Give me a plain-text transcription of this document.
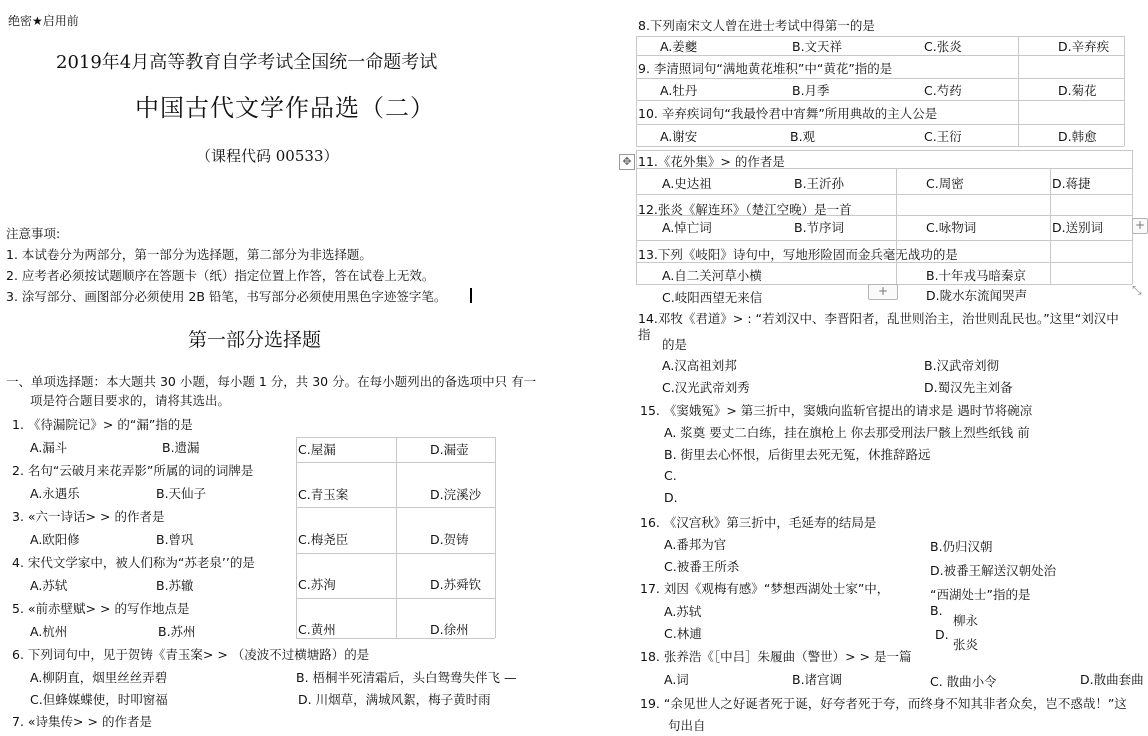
绝密★启用前
2019年4月高等教育自学考试全国统一命题考试
中国古代文学作品选（二）
（课程代码 00533）
注意事项:
1. 本试卷分为两部分，第一部分为选择题，第二部分为非选择题。
2. 应考者必须按试题顺序在答题卡（纸）指定位置上作答，答在试卷上无效。
3. 涂写部分、画图部分必须使用 2B 铅笔，书写部分必须使用黑色字迹签字笔。
第一部分选择题
一、单项选择题：本大题共 30 小题，每小题 1 分，共 30 分。在每小题列出的备选项中只 有一
项是符合题目要求的，请将其选出。
1. 《待漏院记》> 的“漏”指的是
A.漏斗	B.遗漏	C.屋漏	D.漏壶
2. 名句“云破月来花弄影”所属的词的词牌是
A.永遇乐	B.天仙子	C.青玉案	D.浣溪沙
3. «六一诗话> > 的作者是
A.欧阳修	B.曾巩	C.梅尧臣	D.贺铸
4. 宋代文学家中，被人们称为“苏老泉’’的是
A.苏轼	B.苏辙	C.苏洵	D.苏舜钦
5. «前赤壁赋> > 的写作地点是
A.杭州	B.苏州	C.黄州	D.徐州
6. 下列词句中，见于贺铸《青玉案> > （凌波不过横塘路）的是
A.柳阴直，烟里丝丝弄碧	B. 梧桐半死清霜后，头白鸳鸯失伴飞 —
C.但蜂媒蝶使，时叩窗福	D. 川烟草，满城风絮，梅子黄时雨
7. «诗集传> > 的作者是
8.下列南宋文人曾在进士考试中得第一的是
A.姜夔	B.文天祥	C.张炎	D.辛弃疾
9. 李清照词句“满地黄花堆积”中“黄花”指的是
A.牡丹	B.月季	C.芍药	D.菊花
10. 辛弃疾词句“我最怜君中宵舞”所用典故的主人公是
A.谢安	B.观	C.王衍	D.韩愈
✥ 11.《花外集》> 的作者是
A.史达祖	B.王沂孙	C.周密	D.蒋捷
12.张炎《解连环》（楚江空晚）是一首
A.悼亡词	B.节序词	C.咏物词	D.送别词
13.下列《岐阳》诗句中，写地形险固而金兵毫无战功的是
A.自二关河草小横	B.十年戎马暗秦京
C.岐阳西望无来信	D.陇水东流闻哭声
+
+
⤡
14.邓牧《君道》> : “若刘汉中、李晋阳者，乱世则治主，治世则乱民也。”这里“刘汉中
指
的是
A.汉高祖刘邦	B.汉武帝刘彻
C.汉光武帝刘秀	D.蜀汉先主刘备
15. 《窦娥冤》> 第三折中，窦娥向监斩官提出的请求是 遇时节将碗凉
A. 浆奠 要丈二白练，挂在旗枪上 你去那受刑法尸骸上烈些纸钱 前
B. 街里去心怀恨，后街里去死无冤，休推辞路远
C.
D.
16. 《汉宫秋》第三折中，毛延寿的结局是
A.番邦为官	B.仍归汉朝
C.被番王所杀	D.被番王解送汉朝处治
17. 刘因《观梅有感》“梦想西湖处士家”中，	“西湖处士”指的是
A.苏轼	B.
柳永
C.林逋	D.
张炎
18. 张养浩《［中吕］朱履曲（警世）> > 是一篇
A.词	B.诸宫调	C. 散曲小令	D.散曲套曲
19. “余见世人之好诞者死于诞，好夸者死于夸，而终身不知其非者众矣，岂不惑哉！”这
句出自
